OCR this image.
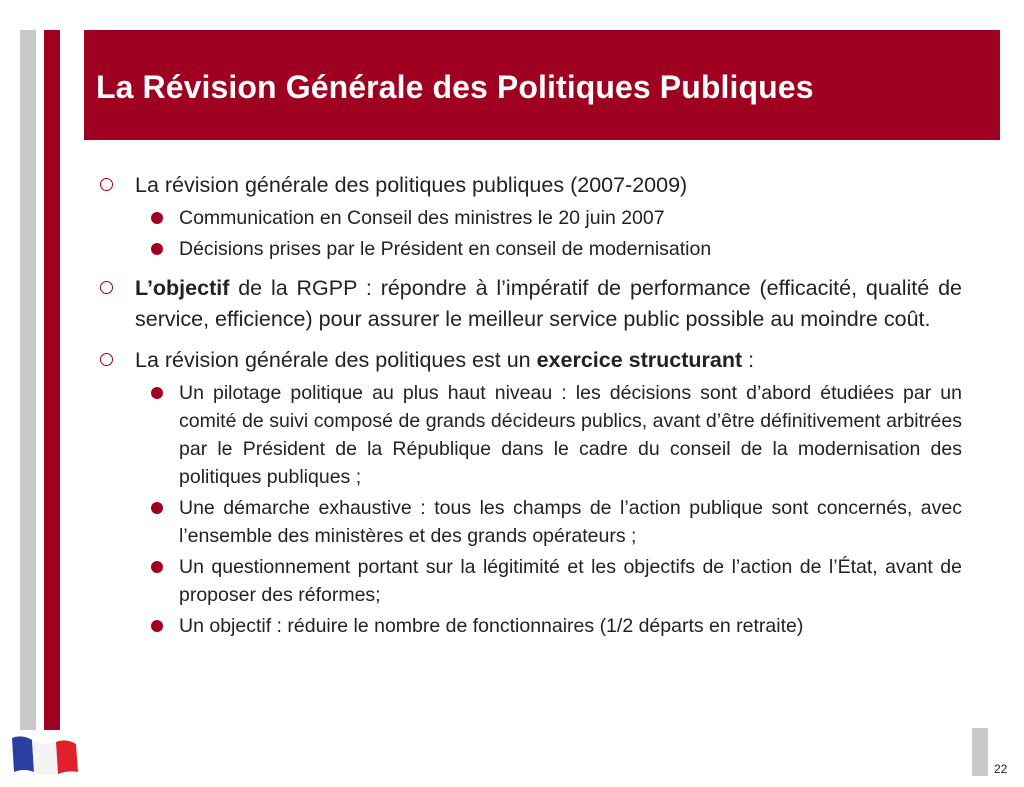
La Révision Générale des Politiques Publiques
La révision générale des politiques publiques (2007-2009)
Communication en Conseil des ministres le 20 juin 2007
Décisions prises par le Président en conseil de modernisation
L’objectif de la RGPP : répondre à l’impératif de performance (efficacité, qualité de service, efficience) pour assurer le meilleur service public possible au moindre coût.
La révision générale des politiques est un exercice structurant :
Un pilotage politique au plus haut niveau : les décisions sont d’abord étudiées par un comité de suivi composé de grands décideurs publics, avant d’être définitivement arbitrées par le Président de la République dans le cadre du conseil de la modernisation des politiques publiques ;
Une démarche exhaustive : tous les champs de l’action publique sont concernés, avec l’ensemble des ministères et des grands opérateurs ;
Un questionnement portant sur la légitimité et les objectifs de l’action de l’État, avant de proposer des réformes;
Un objectif : réduire le nombre de fonctionnaires (1/2 départs en retraite)
22
